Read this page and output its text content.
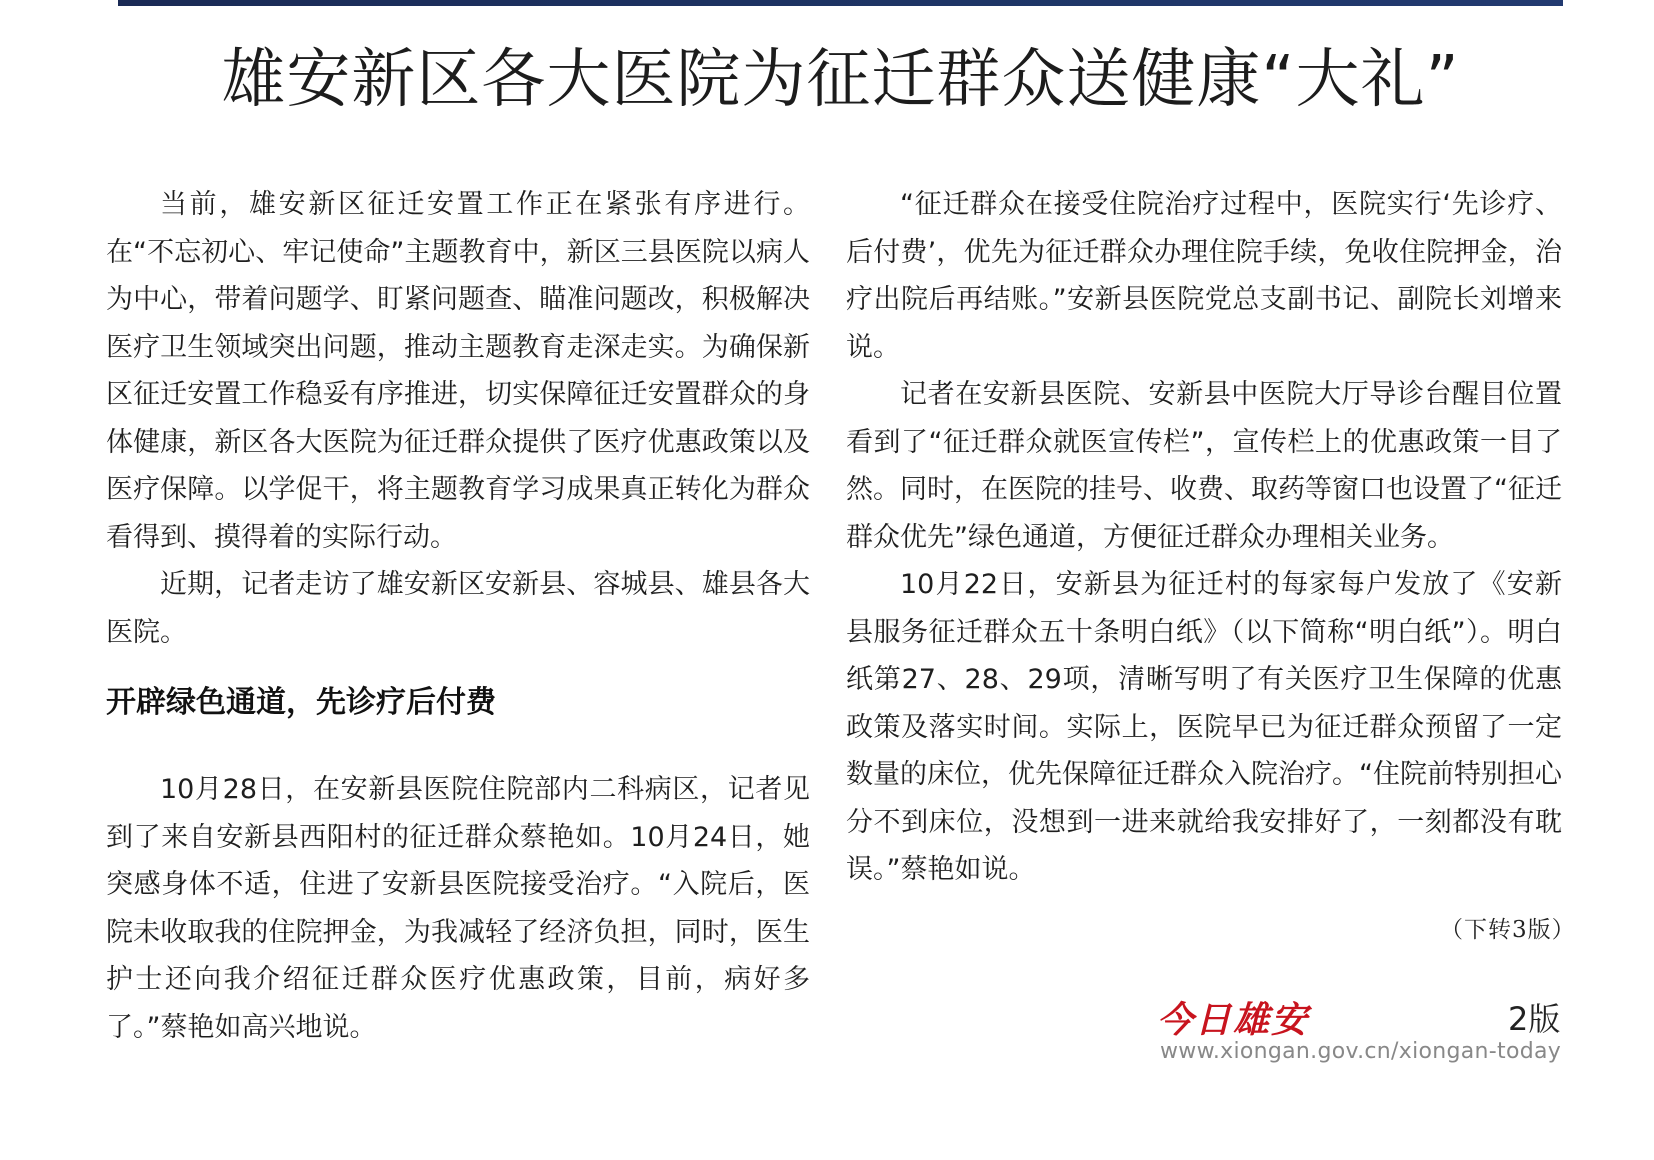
雄安新区各大医院为征迁群众送健康“大礼”

当前，雄安新区征迁安置工作正在紧张有序进行。在“不忘初心、牢记使命”主题教育中，新区三县医院以病人为中心，带着问题学、盯紧问题查、瞄准问题改，积极解决医疗卫生领域突出问题，推动主题教育走深走实。为确保新区征迁安置工作稳妥有序推进，切实保障征迁安置群众的身体健康，新区各大医院为征迁群众提供了医疗优惠政策以及医疗保障。以学促干，将主题教育学习成果真正转化为群众看得到、摸得着的实际行动。

近期，记者走访了雄安新区安新县、容城县、雄县各大医院。

开辟绿色通道，先诊疗后付费

10月28日，在安新县医院住院部内二科病区，记者见到了来自安新县西阳村的征迁群众蔡艳如。10月24日，她突感身体不适，住进了安新县医院接受治疗。“入院后，医院未收取我的住院押金，为我减轻了经济负担，同时，医生护士还向我介绍征迁群众医疗优惠政策，目前，病好多了。”蔡艳如高兴地说。

“征迁群众在接受住院治疗过程中，医院实行‘先诊疗、后付费’，优先为征迁群众办理住院手续，免收住院押金，治疗出院后再结账。”安新县医院党总支副书记、副院长刘增来说。

记者在安新县医院、安新县中医院大厅导诊台醒目位置看到了“征迁群众就医宣传栏”，宣传栏上的优惠政策一目了然。同时，在医院的挂号、收费、取药等窗口也设置了“征迁群众优先”绿色通道，方便征迁群众办理相关业务。

10月22日，安新县为征迁村的每家每户发放了《安新县服务征迁群众五十条明白纸》（以下简称“明白纸”）。明白纸第27、28、29项，清晰写明了有关医疗卫生保障的优惠政策及落实时间。实际上，医院早已为征迁群众预留了一定数量的床位，优先保障征迁群众入院治疗。“住院前特别担心分不到床位，没想到一进来就给我安排好了，一刻都没有耽误。”蔡艳如说。

（下转3版）
今日雄安	2版
www.xiongan.gov.cn/xiongan-today
